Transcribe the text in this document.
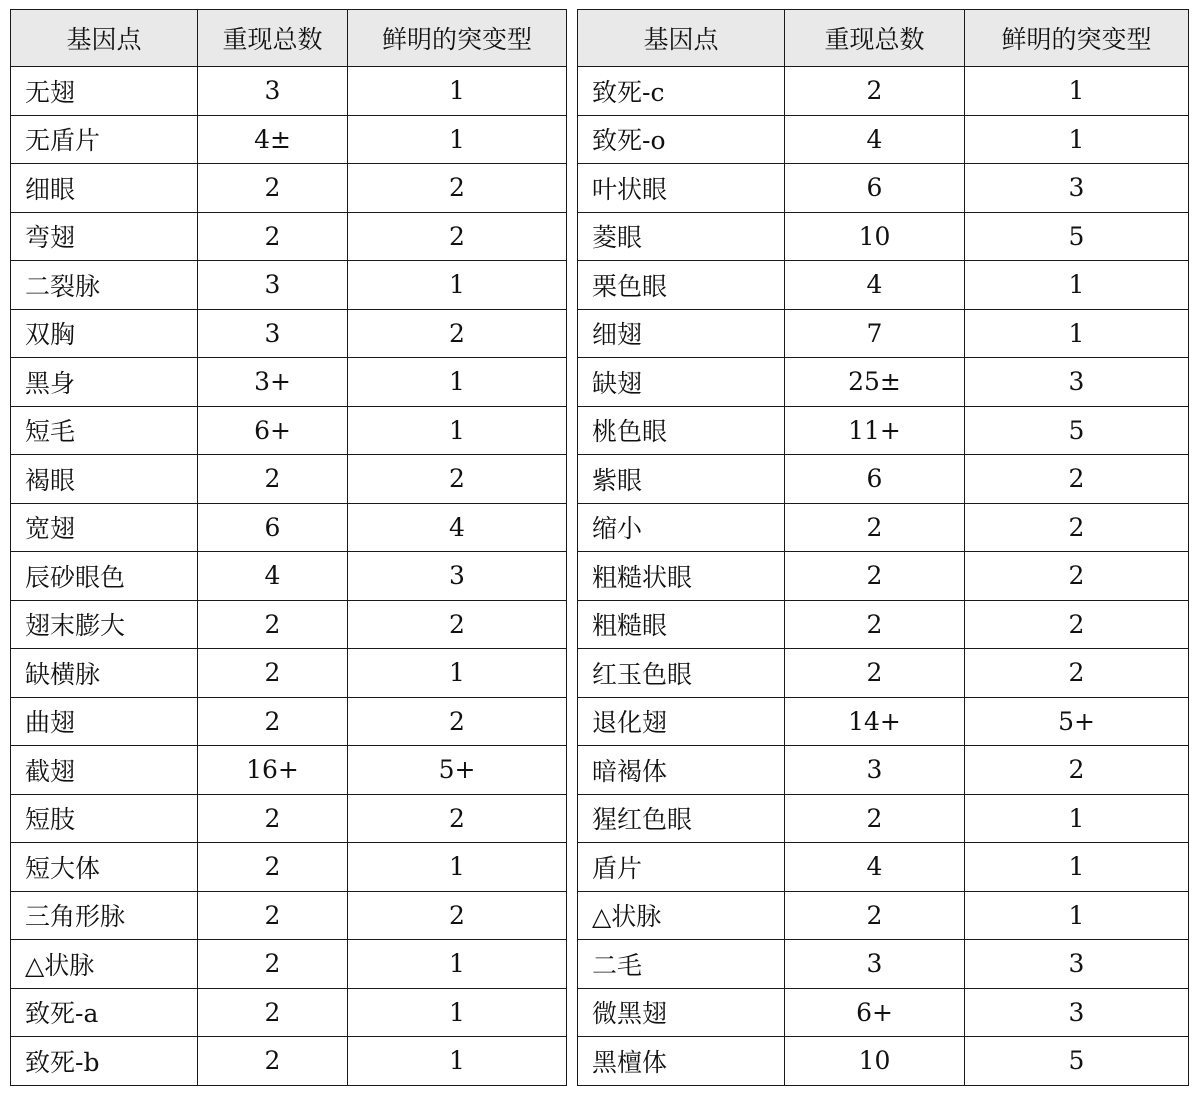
基因点	重现总数	鲜明的突变型
无翅	3	1
无盾片	4±	1
细眼	2	2
弯翅	2	2
二裂脉	3	1
双胸	3	2
黑身	3+	1
短毛	6+	1
褐眼	2	2
宽翅	6	4
辰砂眼色	4	3
翅末膨大	2	2
缺横脉	2	1
曲翅	2	2
截翅	16+	5+
短肢	2	2
短大体	2	1
三角形脉	2	2
△状脉	2	1
致死-a	2	1
致死-b	2	1
基因点	重现总数	鲜明的突变型
致死-c	2	1
致死-o	4	1
叶状眼	6	3
菱眼	10	5
栗色眼	4	1
细翅	7	1
缺翅	25±	3
桃色眼	11+	5
紫眼	6	2
缩小	2	2
粗糙状眼	2	2
粗糙眼	2	2
红玉色眼	2	2
退化翅	14+	5+
暗褐体	3	2
猩红色眼	2	1
盾片	4	1
△状脉	2	1
二毛	3	3
微黑翅	6+	3
黑檀体	10	5
